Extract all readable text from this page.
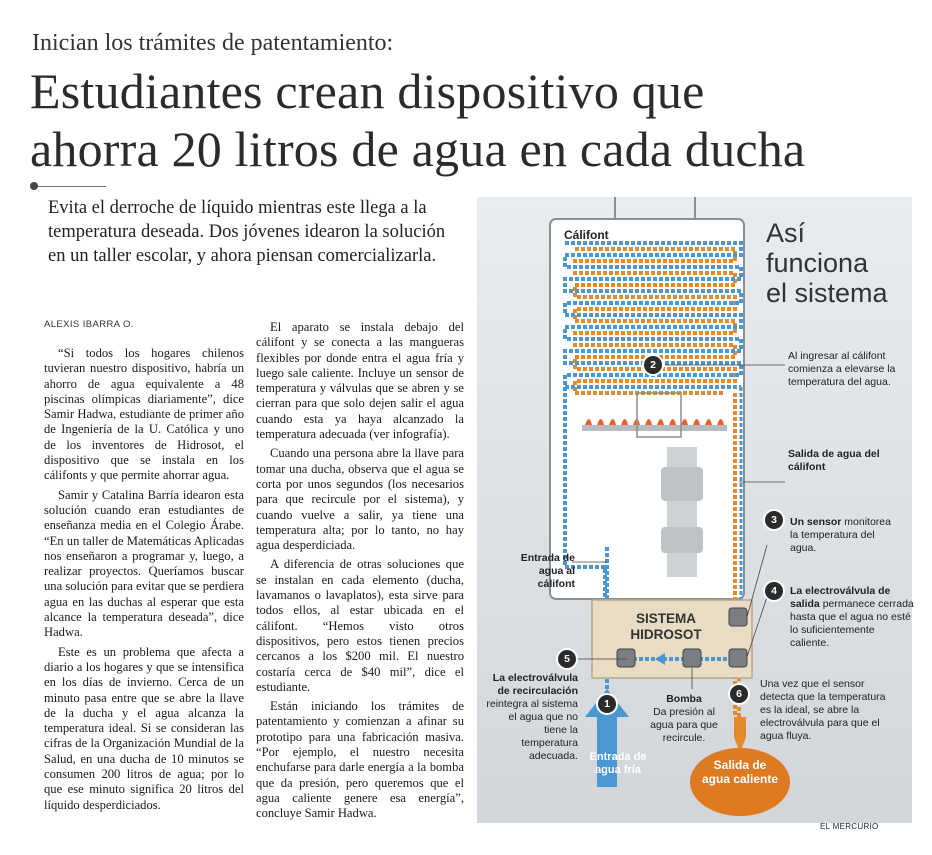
Inician los trámites de patentamiento:
Estudiantes crean dispositivo que
ahorra 20 litros de agua en cada ducha
Evita el derroche de líquido mientras este llega a la temperatura deseada. Dos jóvenes idearon la solución en un taller escolar, y ahora piensan comercializarla.
ALEXIS IBARRA O.

“Si todos los hogares chilenos tuvieran nuestro dispositivo, habría un ahorro de agua equivalente a 48 piscinas olímpicas diariamente”, dice Samir Hadwa, estudiante de primer año de Ingeniería de la U. Católica y uno de los inventores de Hidrosot, el dispositivo que se instala en los cálifonts y que permite ahorrar agua.

Samir y Catalina Barría idearon esta solución cuando eran estudiantes de enseñanza media en el Colegio Árabe. “En un taller de Matemáticas Aplicadas nos enseñaron a programar y, luego, a realizar proyectos. Queríamos buscar una solución para evitar que se perdiera agua en las duchas al esperar que esta alcance la temperatura deseada”, dice Hadwa.

Este es un problema que afecta a diario a los hogares y que se intensifica en los días de invierno. Cerca de un minuto pasa entre que se abre la llave de la ducha y el agua alcanza la temperatura ideal. Si se consideran las cifras de la Organización Mundial de la Salud, en una ducha de 10 minutos se consumen 200 litros de agua; por lo que ese minuto significa 20 litros del líquido desperdiciados.

El aparato se instala debajo del cálifont y se conecta a las mangueras flexibles por donde entra el agua fría y luego sale caliente. Incluye un sensor de temperatura y válvulas que se abren y se cierran para que solo dejen salir el agua cuando esta ya haya alcanzado la temperatura adecuada (ver infografía).

Cuando una persona abre la llave para tomar una ducha, observa que el agua se corta por unos segundos (los necesarios para que recircule por el sistema), y cuando vuelve a salir, ya tiene una temperatura alta; por lo tanto, no hay agua desperdiciada.

A diferencia de otras soluciones que se instalan en cada elemento (ducha, lavamanos o lavaplatos), esta sirve para todos ellos, al estar ubicada en el cálifont. “Hemos visto otros dispositivos, pero estos tienen precios cercanos a los $200 mil. El nuestro costaría cerca de $40 mil”, dice el estudiante.

Están iniciando los trámites de patentamiento y comienzan a afinar su prototipo para una fabricación masiva. “Por ejemplo, el nuestro necesita enchufarse para darle energía a la bomba que da presión, pero queremos que el agua caliente genere esa energía”, concluye Samir Hadwa.

1
2
3
4
5
6
Así
funciona
el sistema
Cálifont
SISTEMA
HIDROSOT
Al ingresar al cálifont comienza a elevarse la temperatura del agua.
Salida de agua del cálifont
Un sensor monitorea la temperatura del agua.
La electroválvula de salida permanece cerrada hasta que el agua no esté lo suficientemente caliente.
Una vez que el sensor detecta que la temperatura es la ideal, se abre la electroválvula para que el agua fluya.
Entrada de agua al cálifont
La electroválvula de recirculación
reintegra al sistema el agua que no tiene la temperatura adecuada.
Bomba
Da presión al agua para que recircule.
Entrada de agua fría	Salida de agua caliente
EL MERCURIO
